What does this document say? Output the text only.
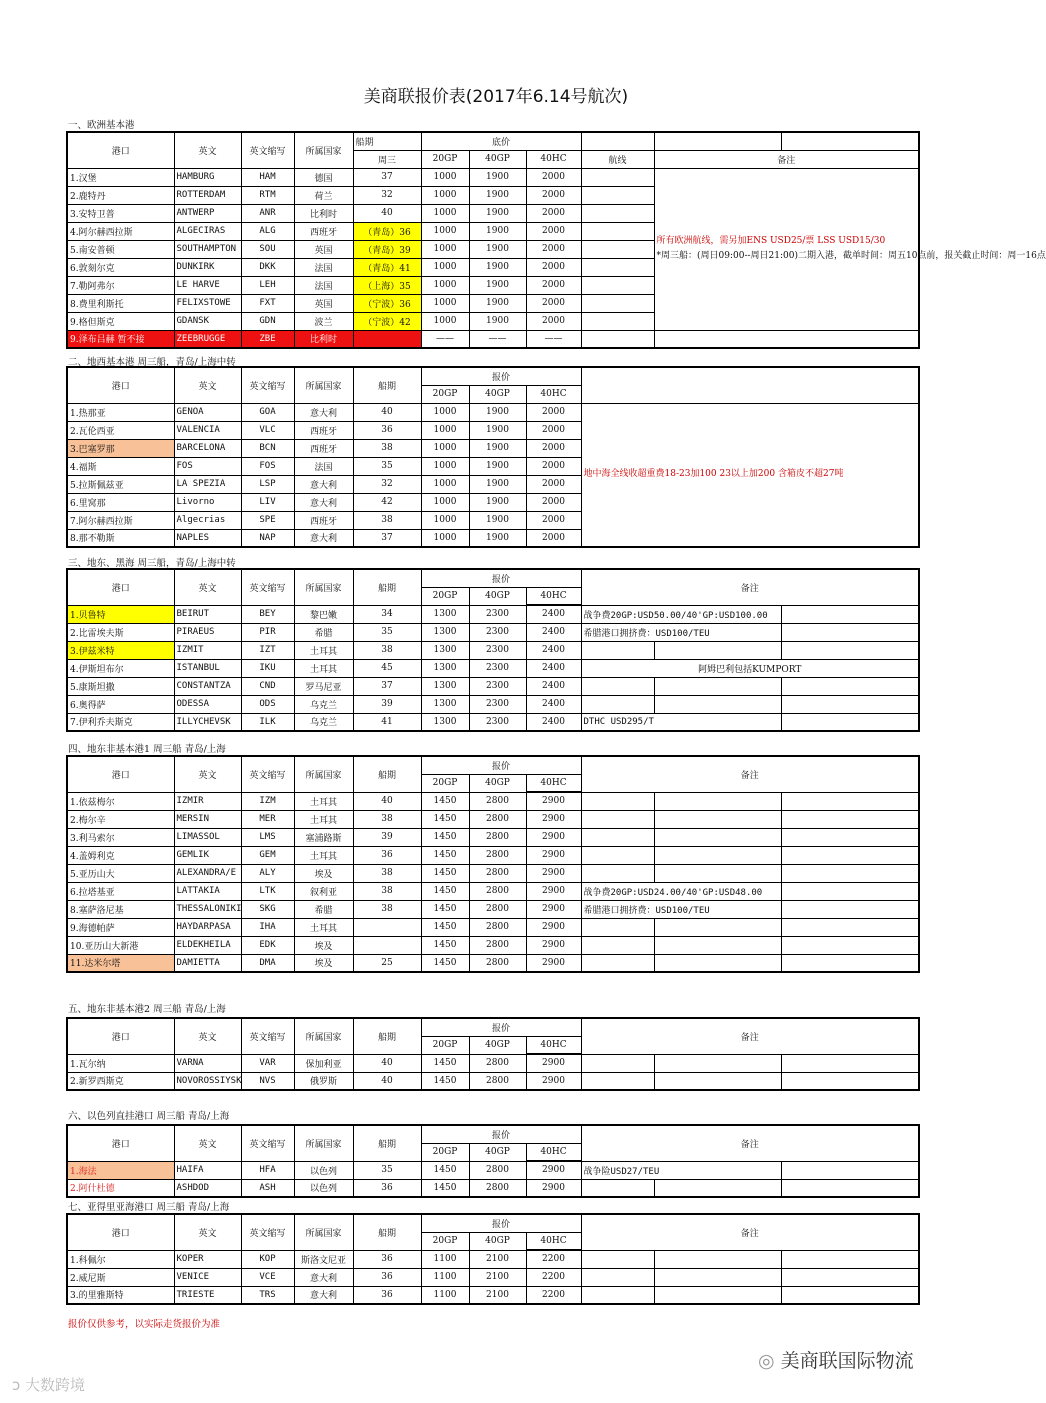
美商联报价表(2017年6.14号航次)
一、欧洲基本港
港口	英文	英文缩写	所属国家	船期	底价					
				周三	20GP	40GP	40HC	航线	备注	
1.汉堡	HAMBURG	HAM	德国	37	1000	1900	2000		所有欧洲航线，需另加ENS USD25/票 LSS USD15/30
*周三船：(周日09:00--周日21:00)二期入港，截单时间：周五10点前，报关截止时间：周一16点	

2.鹿特丹	ROTTERDAM	RTM	荷兰	32	1000	1900	2000			
3.安特卫普	ANTWERP	ANR	比利时	40	1000	1900	2000			
4.阿尔赫西拉斯	ALGECIRAS	ALG	西班牙	（青岛）36	1000	1900	2000			
5.南安普顿	SOUTHAMPTON	SOU	英国	（青岛）39	1000	1900	2000			
6.敦刻尔克	DUNKIRK	DKK	法国	（青岛）41	1000	1900	2000			
7.勒阿弗尔	LE HARVE	LEH	法国	（上海）35	1000	1900	2000			
8.费里利斯托	FELIXSTOWE	FXT	英国	（宁波）36	1000	1900	2000			
9.格但斯克	GDANSK	GDN	波兰	（宁波）42	1000	1900	2000			
9.泽布吕赫 暂不接	ZEEBRUGGE	ZBE	比利时		——	——	——			
二、地西基本港 周三船，青岛/上海中转
港口	英文	英文缩写	所属国家	船期	报价			
					20GP	40GP	40HC	
1.热那亚	GENOA	GOA	意大利	40	1000	1900	2000	地中海全线收超重费18-23加100 23以上加200 含箱皮不超27吨
2.瓦伦西亚	VALENCIA	VLC	西班牙	36	1000	1900	2000	
3.巴塞罗那	BARCELONA	BCN	西班牙	38	1000	1900	2000	
4.福斯	FOS	FOS	法国	35	1000	1900	2000	
5.拉斯佩兹亚	LA SPEZIA	LSP	意大利	32	1000	1900	2000	
6.里窝那	Livorno	LIV	意大利	42	1000	1900	2000	
7.阿尔赫西拉斯	Algecrias	SPE	西班牙	38	1000	1900	2000	
8.那不勒斯	NAPLES	NAP	意大利	37	1000	1900	2000	
三、地东、黑海 周三船，青岛/上海中转
港口	英文	英文缩写	所属国家	船期	报价			备注		
					20GP	40GP	40HC			
1.贝鲁特	BEIRUT	BEY	黎巴嫩	34	1300	2300	2400	战争费20GP:USD50.00/40'GP:USD100.00		
2.比雷埃夫斯	PIRAEUS	PIR	希腊	35	1300	2300	2400	希腊港口拥挤费：USD100/TEU		
3.伊兹米特	IZMIT	IZT	土耳其	38	1300	2300	2400			
4.伊斯坦布尔	ISTANBUL	IKU	土耳其	45	1300	2300	2400	阿姆巴利包括KUMPORT		
5.康斯坦撒	CONSTANTZA	CND	罗马尼亚	37	1300	2300	2400			
6.奥得萨	ODESSA	ODS	乌克兰	39	1300	2300	2400			
7.伊利乔夫斯克	ILLYCHEVSK	ILK	乌克兰	41	1300	2300	2400	DTHC USD295/T		
四、地东非基本港1 周三船 青岛/上海
港口	英文	英文缩写	所属国家	船期	报价			备注		
					20GP	40GP	40HC			
1.依兹梅尔	IZMIR	IZM	土耳其	40	1450	2800	2900			
2.梅尔辛	MERSIN	MER	土耳其	38	1450	2800	2900			
3.利马索尔	LIMASSOL	LMS	塞浦路斯	39	1450	2800	2900			
4.盖姆利克	GEMLIK	GEM	土耳其	36	1450	2800	2900			
5.亚历山大	ALEXANDRA/E	ALY	埃及	38	1450	2800	2900			
6.拉塔基亚	LATTAKIA	LTK	叙利亚	38	1450	2800	2900	战争费20GP:USD24.00/40'GP:USD48.00		
8.塞萨洛尼基	THESSALONIKI	SKG	希腊	38	1450	2800	2900	希腊港口拥挤费：USD100/TEU		
9.海德帕萨	HAYDARPASA	IHA	土耳其		1450	2800	2900			
10.亚历山大新港	ELDEKHEILA	EDK	埃及		1450	2800	2900			
11.达米尔塔	DAMIETTA	DMA	埃及	25	1450	2800	2900			
五、地东非基本港2 周三船 青岛/上海
港口	英文	英文缩写	所属国家	船期	报价			备注		
					20GP	40GP	40HC			
1.瓦尔纳	VARNA	VAR	保加利亚	40	1450	2800	2900			
2.新罗西斯克	NOVOROSSIYSK	NVS	俄罗斯	40	1450	2800	2900			
六、以色列直挂港口 周三船 青岛/上海
港口	英文	英文缩写	所属国家	船期	报价			备注		
					20GP	40GP	40HC			
1.海法	HAIFA	HFA	以色列	35	1450	2800	2900	战争险USD27/TEU		
2.阿什杜德	ASHDOD	ASH	以色列	36	1450	2800	2900			
七、亚得里亚海港口 周三船 青岛/上海
港口	英文	英文缩写	所属国家	船期	报价			备注		
					20GP	40GP	40HC			
1.科佩尔	KOPER	KOP	斯洛文尼亚	36	1100	2100	2200			
2.威尼斯	VENICE	VCE	意大利	36	1100	2100	2200			
3.的里雅斯特	TRIESTE	TRS	意大利	36	1100	2100	2200			
报价仅供参考，以实际走货报价为准
◎ 美商联国际物流
ↄ 大数跨境
